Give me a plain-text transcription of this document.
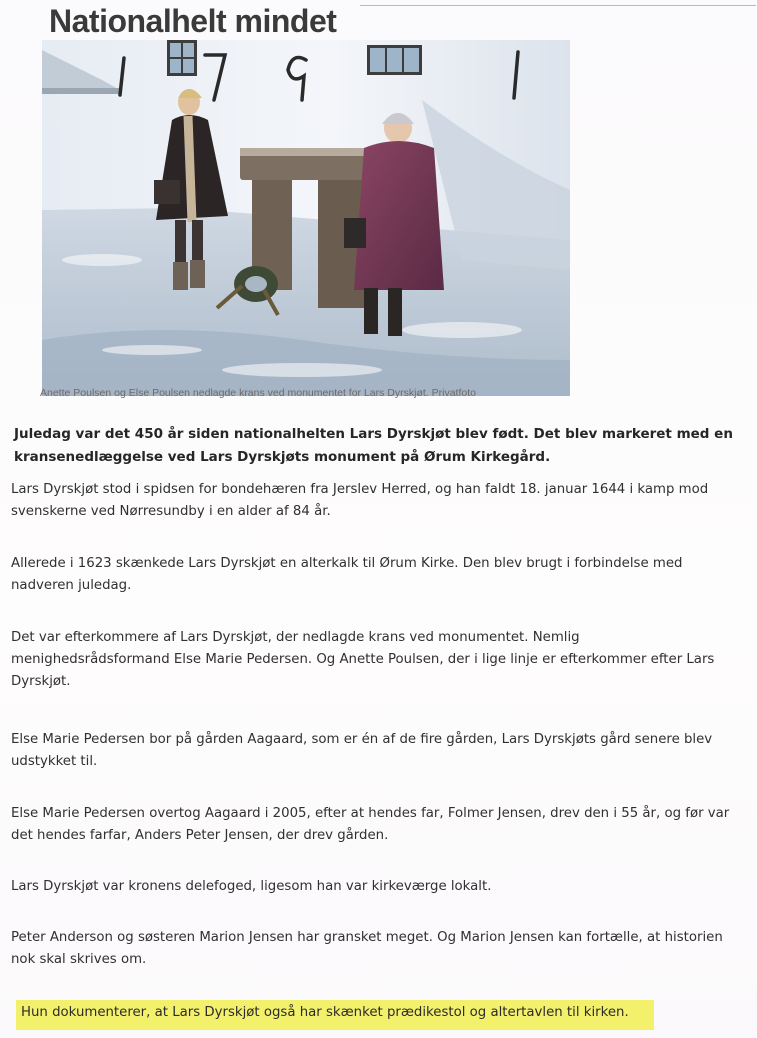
Nationalhelt mindet
Anette Poulsen og Else Poulsen nedlagde krans ved monumentet for Lars Dyrskjøt. Privatfoto

Juledag var det 450 år siden nationalhelten Lars Dyrskjøt blev født. Det blev markeret med en kransenedlæggelse ved Lars Dyrskjøts monument på Ørum Kirkegård.

Lars Dyrskjøt stod i spidsen for bondehæren fra Jerslev Herred, og han faldt 18. januar 1644 i kamp mod svenskerne ved Nørresundby i en alder af 84 år.

Allerede i 1623 skænkede Lars Dyrskjøt en alterkalk til Ørum Kirke. Den blev brugt i forbindelse med nadveren juledag.

Det var efterkommere af Lars Dyrskjøt, der nedlagde krans ved monumentet. Nemlig menighedsrådsformand Else Marie Pedersen. Og Anette Poulsen, der i lige linje er efterkommer efter Lars Dyrskjøt.

Else Marie Pedersen bor på gården Aagaard, som er én af de fire gården, Lars Dyrskjøts gård senere blev udstykket til.

Else Marie Pedersen overtog Aagaard i 2005, efter at hendes far, Folmer Jensen, drev den i 55 år, og før var det hendes farfar, Anders Peter Jensen, der drev gården.

Lars Dyrskjøt var kronens delefoged, ligesom han var kirkeværge lokalt.

Peter Anderson og søsteren Marion Jensen har gransket meget. Og Marion Jensen kan fortælle, at historien nok skal skrives om.

Hun dokumenterer, at Lars Dyrskjøt også har skænket prædikestol og altertavlen til kirken.
